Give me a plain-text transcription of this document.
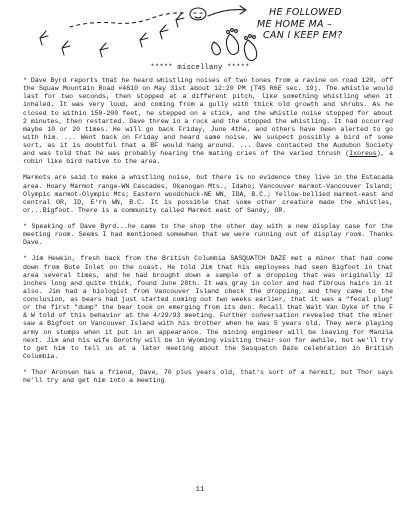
HE FOLLOWED
ME HOME MA –
CAN I KEEP EM?
***** miscellany *****

* Dave Byrd reports that he heard whistling noises of two tones from a ravine on road 120, off the Squaw Mountain Road #4610 on May 31st about 12:20 PM (T4S R6E sec. 19). The whistle would last for two seconds, then stopped at a different pitch, like something whistling when it inhaled. It was very loud, and coming from a gully with thick old growth and shrubs. As he closed to within 150-200 feet, he stepped on a stick, and the whistle noise stopped for about 2 minutes, then restarted. Dave threw in a rock and the stopped the whistling. It had occurred maybe 10 or 20 times. He will go back Friday, June 4the, and others have been alerted to go with him. ... Went back on Friday and heard same noise. We suspect possibly a bird of some sort, as it is doubtful that a BF would hang around. ... Dave contacted the Audubon Society and was told that he was probably hearing the mating cries of the varied thrush (Ixoreus), a robin like bird native to the area.

Marmots are said to make a whistling noise, but there is no evidence they live in the Estacada area. Hoary Marmot range-WN Cascades, Okanogan Mts., Idaho; Vancouver marmot-Vancouver Island; Olympic marmot-Olympic Mts; Eastern woodchuck-NE WN, IDA, B.C.; Yellow-bellied marmot-east and central OR, ID, E'rn WN, B.C. It is possible that some other creature made the whistles, or...Bigfoot. There is a community called Marmot east of Sandy, OR.

* Speaking of Dave Byrd...he came to the shop the other day with a new display case for the meeting room. Seems I had mentioned somewhen that we were running out of display room. Thanks Dave.

* Jim Hewkin, fresh back from the British Columbia SASQUATCH DAZE met a miner that had come down from Bute Inlet on the coast. He told Jim that his employees had seen Bigfoot in that area several times, and he had brought down a sample of a dropping that was originally 12 inches long and quite thick, found June 28th. It was gray in color and had fibrous hairs in it also. Jim had a biologist from Vancouver Island check the dropping, and they came to the conclusion, as bears had just started coming out two weeks earlier, that it was a "fecal plug" or the first "dump" the bear took on emerging from its den. Recall that Walt Van Dyke of the F & W told of this behavior at the 4/29/93 meeting. Further conversation revealed that the miner saw a Bigfoot on Vancouver Island with his brother when he was 5 years old. They were playing army on stumps when it put in an appearance. The mining engineer will be leaving for Manila next. Jim and his wife Dorothy will be in Wyoming visiting their son for awhile, but we'll try to get him to tell us at a later meeting about the Sasquatch Daze celebration in British Columbia.

* Thor Aronsen has a friend, Dave, 70 plus years old, that's sort of a hermit, but Thor says he'll try and get him into a meeting

11
